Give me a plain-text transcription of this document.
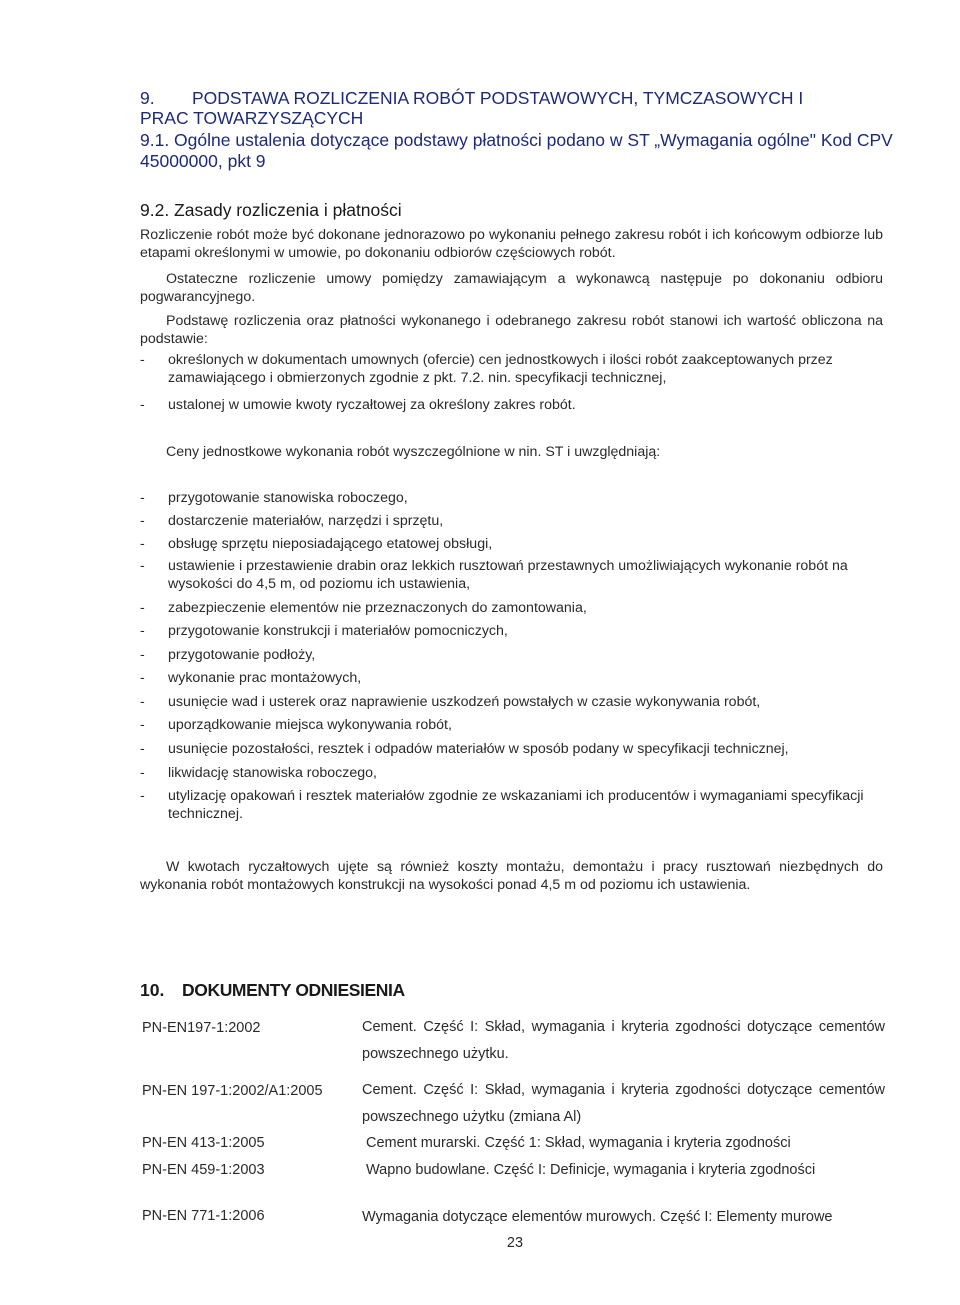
9. PODSTAWA ROZLICZENIA ROBÓT PODSTAWOWYCH, TYMCZASOWYCH I
PRAC TOWARZYSZĄCYCH
9.1. Ogólne ustalenia dotyczące podstawy płatności podano w ST „Wymagania ogólne" Kod CPV 45000000, pkt 9
9.2. Zasady rozliczenia i płatności
Rozliczenie robót może być dokonane jednorazowo po wykonaniu pełnego zakresu robót i ich końcowym odbiorze lub etapami określonymi w umowie, po dokonaniu odbiorów częściowych robót.
Ostateczne rozliczenie umowy pomiędzy zamawiającym a wykonawcą następuje po dokonaniu odbioru pogwarancyjnego.
Podstawę rozliczenia oraz płatności wykonanego i odebranego zakresu robót stanowi ich wartość obliczona na podstawie:
- określonych w dokumentach umownych (ofercie) cen jednostkowych i ilości robót zaakceptowanych przez zamawiającego i obmierzonych zgodnie z pkt. 7.2. nin. specyfikacji technicznej,
- ustalonej w umowie kwoty ryczałtowej za określony zakres robót.
Ceny jednostkowe wykonania robót wyszczególnione w nin. ST i uwzględniają:
- przygotowanie stanowiska roboczego,
- dostarczenie materiałów, narzędzi i sprzętu,
- obsługę sprzętu nieposiadającego etatowej obsługi,
- ustawienie i przestawienie drabin oraz lekkich rusztowań przestawnych umożliwiających wykonanie robót na wysokości do 4,5 m, od poziomu ich ustawienia,
- zabezpieczenie elementów nie przeznaczonych do zamontowania,
- przygotowanie konstrukcji i materiałów pomocniczych,
- przygotowanie podłoży,
- wykonanie prac montażowych,
- usunięcie wad i usterek oraz naprawienie uszkodzeń powstałych w czasie wykonywania robót,
- uporządkowanie miejsca wykonywania robót,
- usunięcie pozostałości, resztek i odpadów materiałów w sposób podany w specyfikacji technicznej,
- likwidację stanowiska roboczego,
- utylizację opakowań i resztek materiałów zgodnie ze wskazaniami ich producentów i wymaganiami specyfikacji technicznej.
W kwotach ryczałtowych ujęte są również koszty montażu, demontażu i pracy rusztowań niezbędnych do wykonania robót montażowych konstrukcji na wysokości ponad 4,5 m od poziomu ich ustawienia.
10. DOKUMENTY ODNIESIENIA
PN-EN197-1:2002	Cement. Część I: Skład, wymagania i kryteria zgodności dotyczące cementów powszechnego użytku.
PN-EN 197-1:2002/A1:2005	Cement. Część I: Skład, wymagania i kryteria zgodności dotyczące cementów powszechnego użytku (zmiana Al)
PN-EN 413-1:2005	Cement murarski. Część 1: Skład, wymagania i kryteria zgodności
PN-EN 459-1:2003	Wapno budowlane. Część I: Definicje, wymagania i kryteria zgodności
PN-EN 771-1:2006	Wymagania dotyczące elementów murowych. Część I: Elementy murowe
23
